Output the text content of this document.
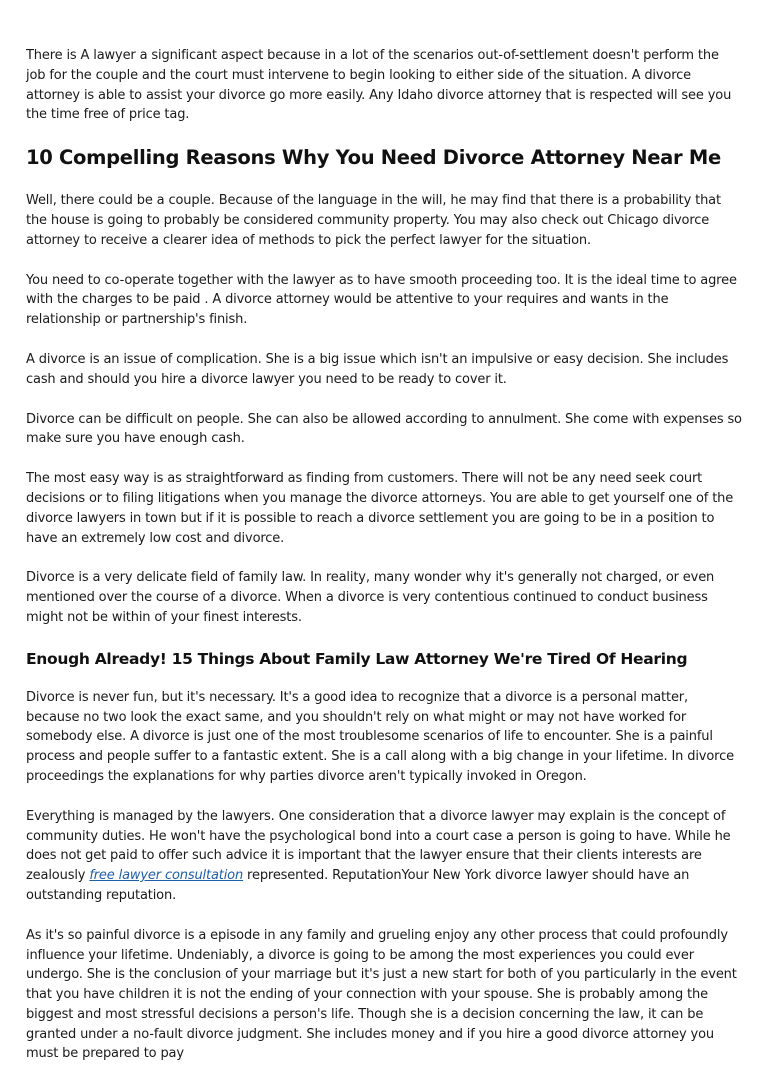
There is A lawyer a significant aspect because in a lot of the scenarios out-of-settlement doesn't perform the job for the couple and the court must intervene to begin looking to either side of the situation. A divorce attorney is able to assist your divorce go more easily. Any Idaho divorce attorney that is respected will see you the time free of price tag.

10 Compelling Reasons Why You Need Divorce Attorney Near Me

Well, there could be a couple. Because of the language in the will, he may find that there is a probability that the house is going to probably be considered community property. You may also check out Chicago divorce attorney to receive a clearer idea of methods to pick the perfect lawyer for the situation.

You need to co-operate together with the lawyer as to have smooth proceeding too. It is the ideal time to agree with the charges to be paid . A divorce attorney would be attentive to your requires and wants in the relationship or partnership's finish.

A divorce is an issue of complication. She is a big issue which isn't an impulsive or easy decision. She includes cash and should you hire a divorce lawyer you need to be ready to cover it.

Divorce can be difficult on people. She can also be allowed according to annulment. She come with expenses so make sure you have enough cash.

The most easy way is as straightforward as finding from customers. There will not be any need seek court decisions or to filing litigations when you manage the divorce attorneys. You are able to get yourself one of the divorce lawyers in town but if it is possible to reach a divorce settlement you are going to be in a position to have an extremely low cost and divorce.

Divorce is a very delicate field of family law. In reality, many wonder why it's generally not charged, or even mentioned over the course of a divorce. When a divorce is very contentious continued to conduct business might not be within of your finest interests.

Enough Already! 15 Things About Family Law Attorney We're Tired Of Hearing

Divorce is never fun, but it's necessary. It's a good idea to recognize that a divorce is a personal matter, because no two look the exact same, and you shouldn't rely on what might or may not have worked for somebody else. A divorce is just one of the most troublesome scenarios of life to encounter. She is a painful process and people suffer to a fantastic extent. She is a call along with a big change in your lifetime. In divorce proceedings the explanations for why parties divorce aren't typically invoked in Oregon.

Everything is managed by the lawyers. One consideration that a divorce lawyer may explain is the concept of community duties. He won't have the psychological bond into a court case a person is going to have. While he does not get paid to offer such advice it is important that the lawyer ensure that their clients interests are zealously free lawyer consultation represented. ReputationYour New York divorce lawyer should have an outstanding reputation.

As it's so painful divorce is a episode in any family and grueling enjoy any other process that could profoundly influence your lifetime. Undeniably, a divorce is going to be among the most experiences you could ever undergo. She is the conclusion of your marriage but it's just a new start for both of you particularly in the event that you have children it is not the ending of your connection with your spouse. She is probably among the biggest and most stressful decisions a person's life. Though she is a decision concerning the law, it can be granted under a no-fault divorce judgment. She includes money and if you hire a good divorce attorney you must be prepared to pay
